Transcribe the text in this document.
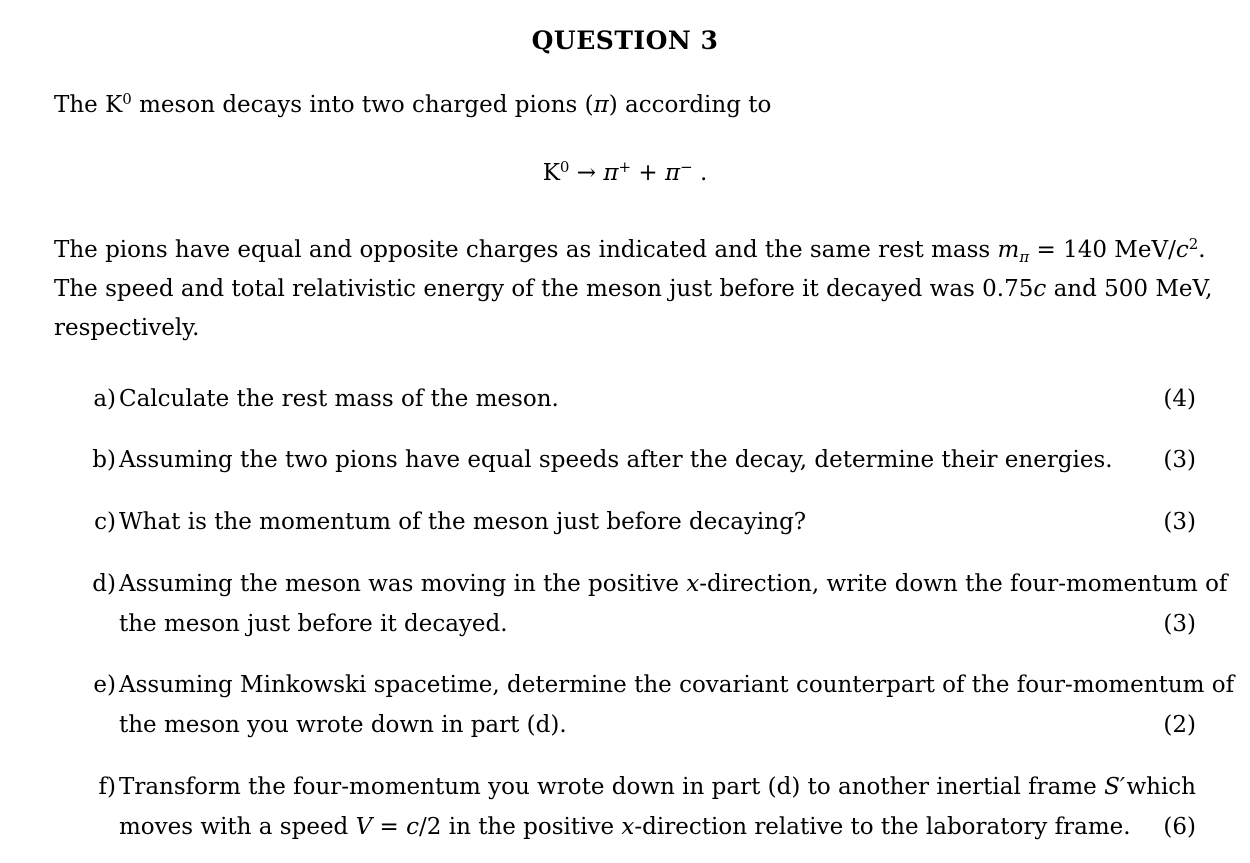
QUESTION 3
The $K^0$ meson decays into two charged pions (π) according to
$K^0 \to \pi^+ + \pi^-$ .
The pions have equal and opposite charges as indicated and the same rest mass $m_\pi = 140$ MeV/$c^2$.
The speed and total relativistic energy of the meson just before it decayed was 0.75c and 500 MeV,
respectively.
a) Calculate the rest mass of the meson.	(4)
b) Assuming the two pions have equal speeds after the decay, determine their energies. (3)
c) What is the momentum of the meson just before decaying?	(3)
d) Assuming the meson was moving in the positive x-direction, write down the four-momentum of
the meson just before it decayed.	(3)
e) Assuming Minkowski spacetime, determine the covariant counterpart of the four-momentum of
the meson you wrote down in part (d).	(2)
f) Transform the four-momentum you wrote down in part (d) to another inertial frame S′ which
moves with a speed V = c/2 in the positive x-direction relative to the laboratory frame. (6)
